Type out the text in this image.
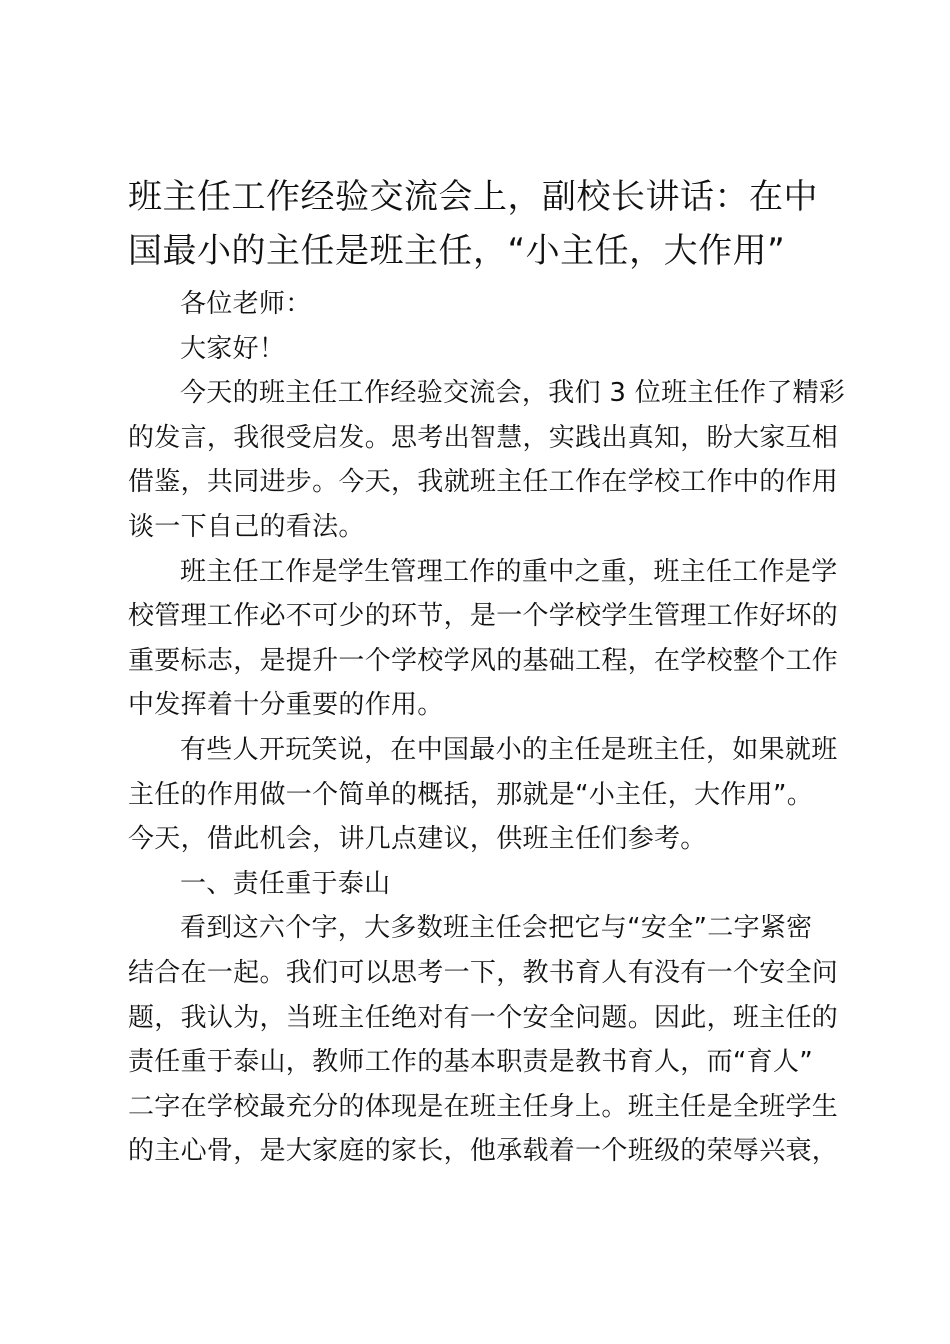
班主任工作经验交流会上，副校长讲话：在中
国最小的主任是班主任，“小主任，大作用”

各位老师：

大家好！

今天的班主任工作经验交流会，我们 3 位班主任作了精彩
的发言，我很受启发。思考出智慧，实践出真知，盼大家互相
借鉴，共同进步。今天，我就班主任工作在学校工作中的作用
谈一下自己的看法。

班主任工作是学生管理工作的重中之重，班主任工作是学
校管理工作必不可少的环节，是一个学校学生管理工作好坏的
重要标志，是提升一个学校学风的基础工程，在学校整个工作
中发挥着十分重要的作用。

有些人开玩笑说，在中国最小的主任是班主任，如果就班
主任的作用做一个简单的概括，那就是“小主任，大作用”。
今天，借此机会，讲几点建议，供班主任们参考。

一、责任重于泰山

看到这六个字，大多数班主任会把它与“安全”二字紧密
结合在一起。我们可以思考一下，教书育人有没有一个安全问
题，我认为，当班主任绝对有一个安全问题。因此，班主任的
责任重于泰山，教师工作的基本职责是教书育人，而“育人”
二字在学校最充分的体现是在班主任身上。班主任是全班学生
的主心骨，是大家庭的家长，他承载着一个班级的荣辱兴衰，
